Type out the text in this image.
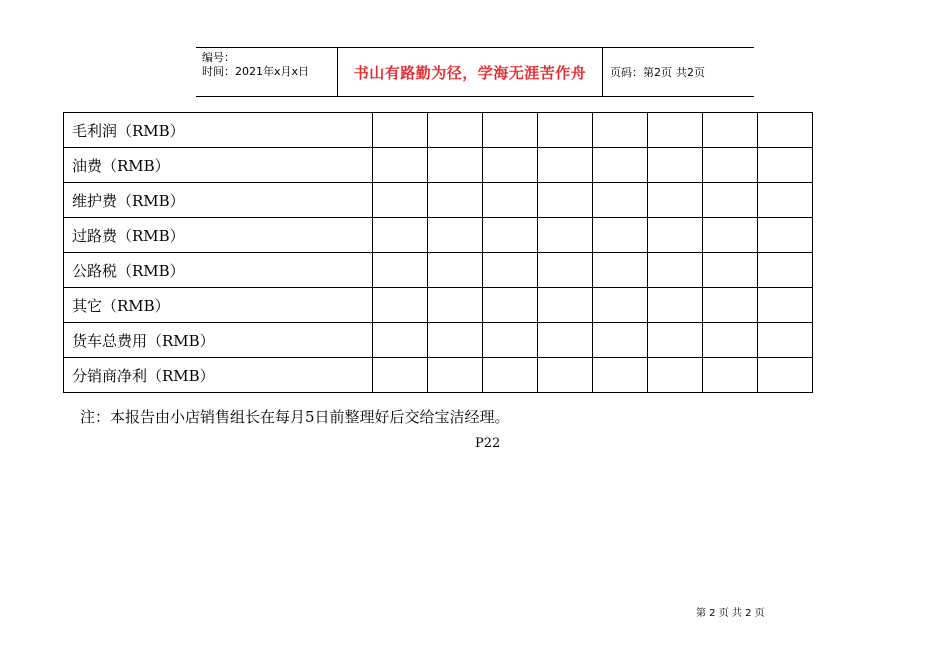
编号：
时间：2021年x月x日	书山有路勤为径，学海无涯苦作舟	页码：第2页 共2页
毛利润（RMB）								
油费（RMB）								
维护费（RMB）								
过路费（RMB）								
公路税（RMB）								
其它（RMB）								
货车总费用（RMB）								
分销商净利（RMB）								
注：本报告由小店销售组长在每月5日前整理好后交给宝洁经理。
P22
第 2 页 共 2 页
